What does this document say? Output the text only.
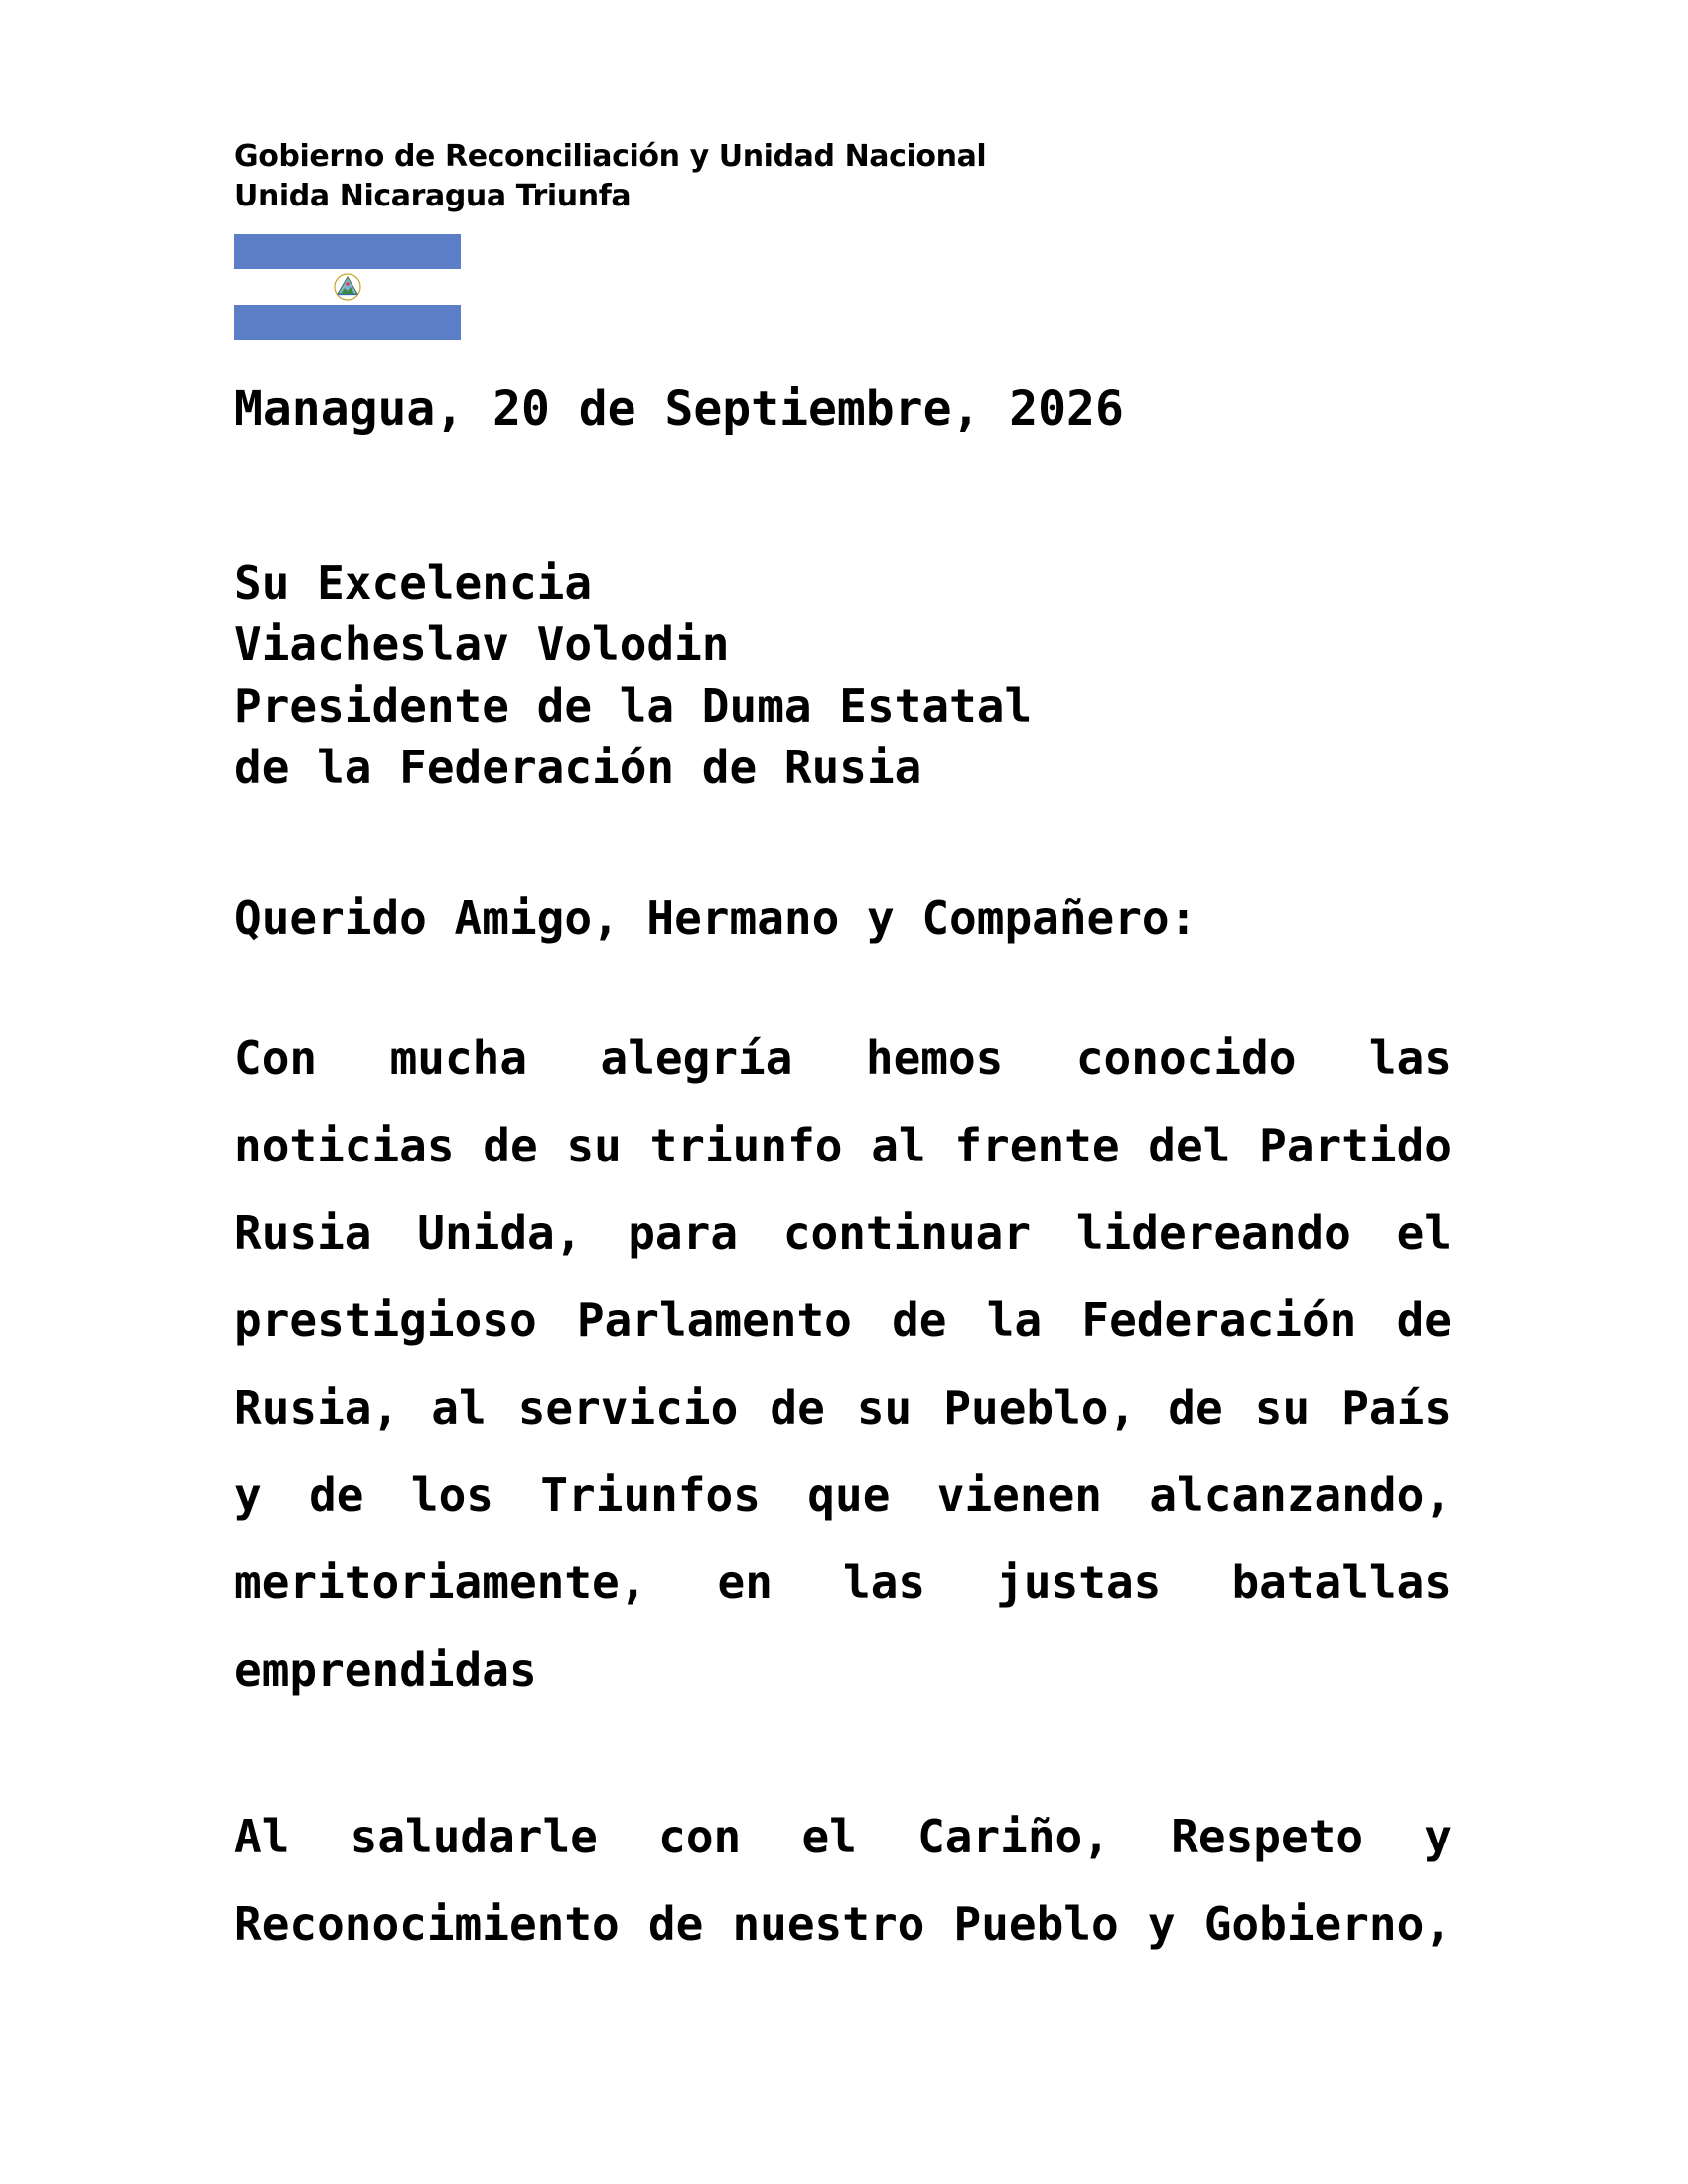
Gobierno de Reconciliación y Unidad Nacional
Unida Nicaragua Triunfa
Managua, 20 de Septiembre, 2026
Su Excelencia
Viacheslav Volodin
Presidente de la Duma Estatal
de la Federación de Rusia
Querido Amigo, Hermano y Compañero:
Con mucha alegría hemos conocido las
noticias de su triunfo al frente del Partido
Rusia Unida, para continuar lidereando el
prestigioso Parlamento de la Federación de
Rusia, al servicio de su Pueblo, de su País
y de los Triunfos que vienen alcanzando,
meritoriamente, en las justas batallas
emprendidas
Al saludarle con el Cariño, Respeto y
Reconocimiento de nuestro Pueblo y Gobierno,
